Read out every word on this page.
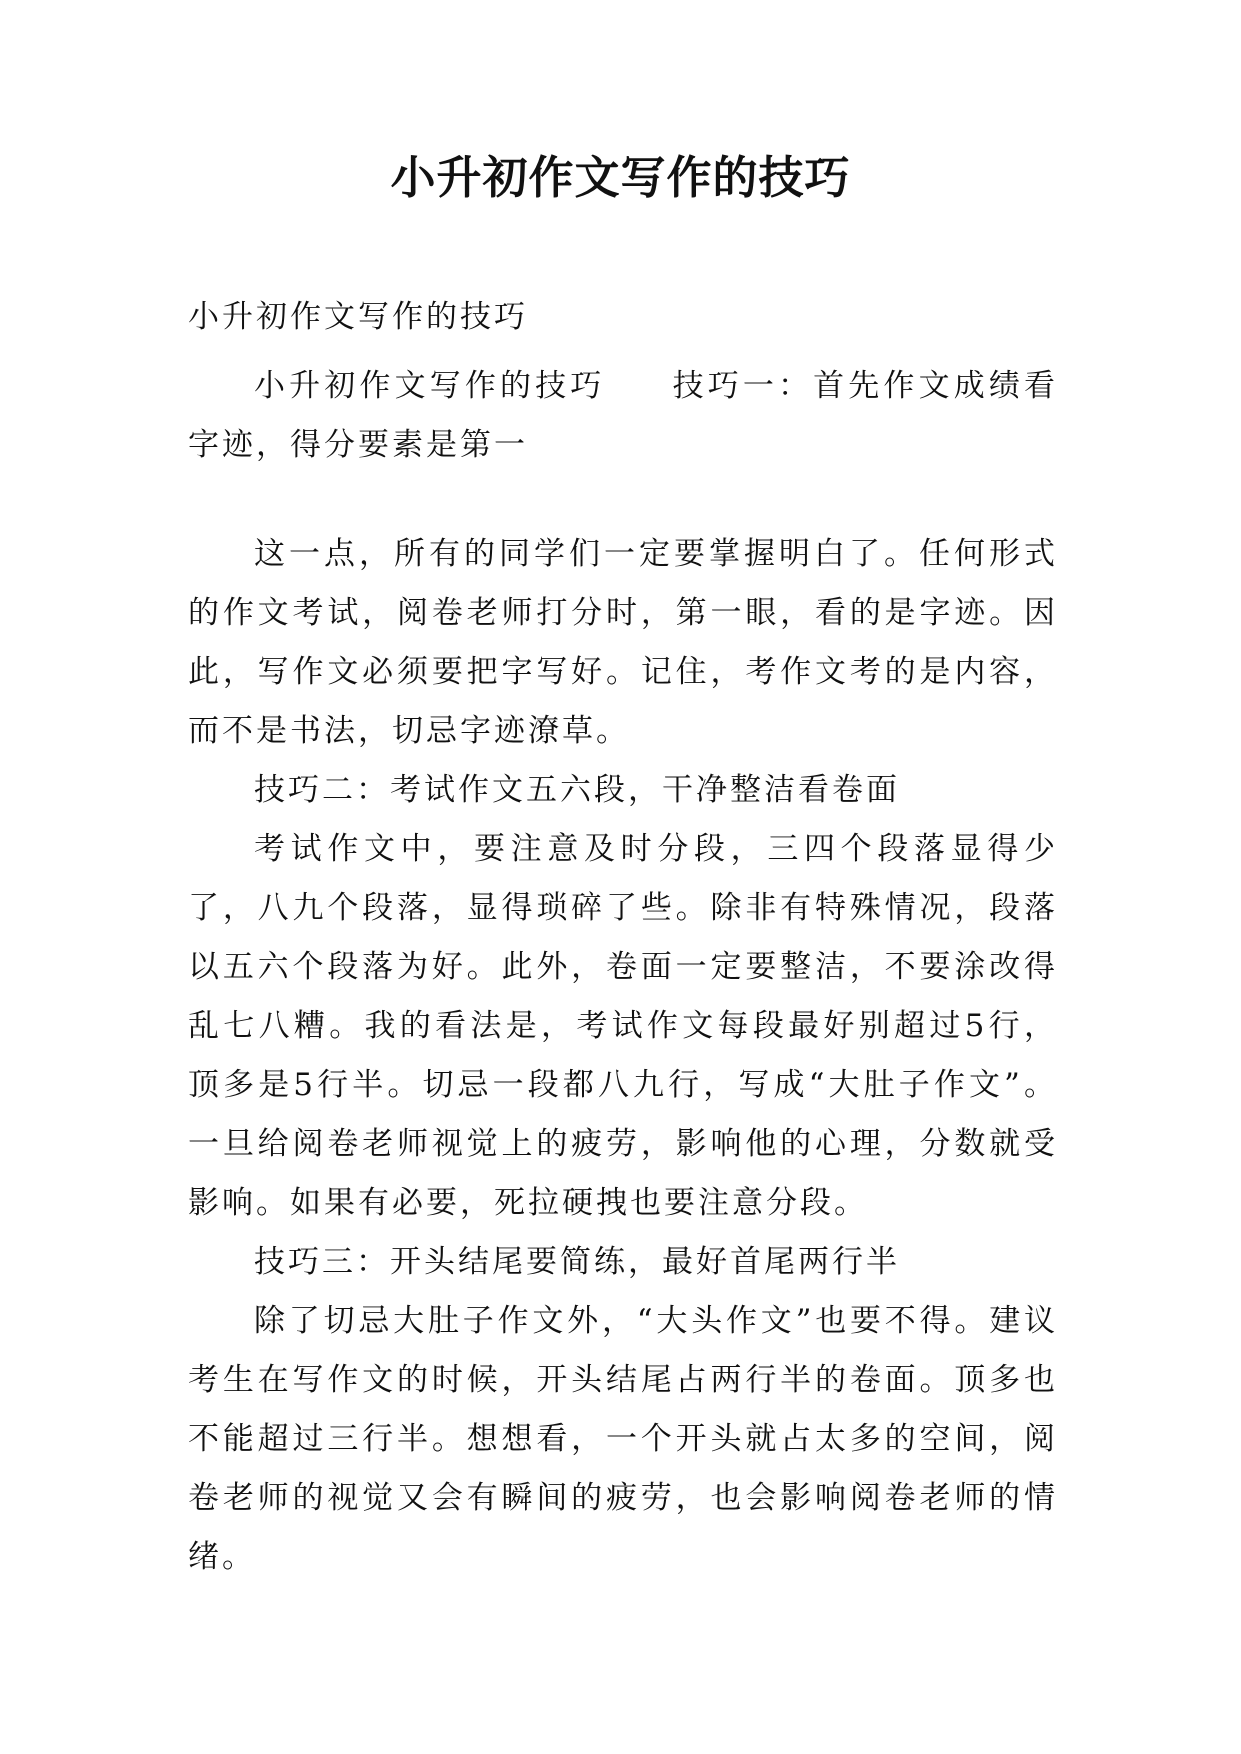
小升初作文写作的技巧
小升初作文写作的技巧

小升初作文写作的技巧 技巧一：首先作文成绩看字迹，得分要素是第一

这一点，所有的同学们一定要掌握明白了。任何形式的作文考试，阅卷老师打分时，第一眼，看的是字迹。因此，写作文必须要把字写好。记住，考作文考的是内容，而不是书法，切忌字迹潦草。

技巧二：考试作文五六段，干净整洁看卷面

考试作文中，要注意及时分段，三四个段落显得少了，八九个段落，显得琐碎了些。除非有特殊情况，段落以五六个段落为好。此外，卷面一定要整洁，不要涂改得乱七八糟。我的看法是，考试作文每段最好别超过5行，顶多是5行半。切忌一段都八九行，写成“大肚子作文”。一旦给阅卷老师视觉上的疲劳，影响他的心理，分数就受影响。如果有必要，死拉硬拽也要注意分段。

技巧三：开头结尾要简练，最好首尾两行半

除了切忌大肚子作文外，“大头作文”也要不得。建议考生在写作文的时候，开头结尾占两行半的卷面。顶多也不能超过三行半。想想看，一个开头就占太多的空间，阅卷老师的视觉又会有瞬间的疲劳，也会影响阅卷老师的情绪。
